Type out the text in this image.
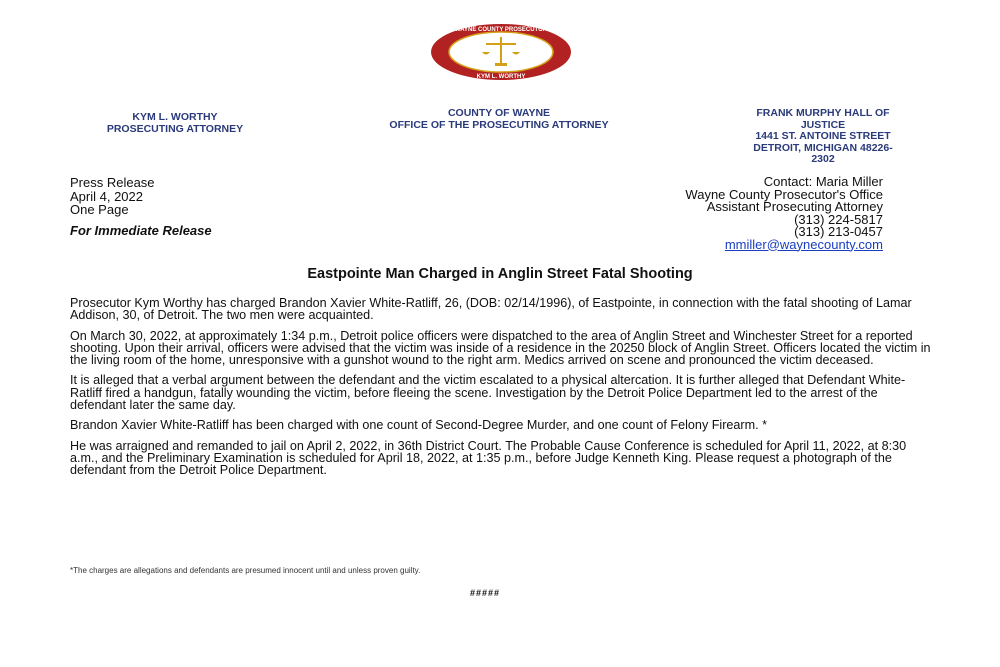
WAYNE COUNTY PROSECUTOR
KYM L. WORTHY
KYM L. WORTHY
PROSECUTING ATTORNEY
COUNTY OF WAYNE
OFFICE OF THE PROSECUTING ATTORNEY
FRANK MURPHY HALL OF
JUSTICE
1441 ST. ANTOINE STREET
DETROIT, MICHIGAN 48226-
2302
Press Release
April 4, 2022
One Page
For Immediate Release
Contact: Maria Miller
Wayne County Prosecutor's Office
Assistant Prosecuting Attorney
(313) 224-5817
(313) 213-0457
mmiller@waynecounty.com
Eastpointe Man Charged in Anglin Street Fatal Shooting

Prosecutor Kym Worthy has charged Brandon Xavier White-Ratliff, 26, (DOB: 02/14/1996), of Eastpointe, in connection with the fatal shooting of Lamar Addison, 30, of Detroit. The two men were acquainted.

On March 30, 2022, at approximately 1:34 p.m., Detroit police officers were dispatched to the area of Anglin Street and Winchester Street for a reported shooting. Upon their arrival, officers were advised that the victim was inside of a residence in the 20250 block of Anglin Street. Officers located the victim in the living room of the home, unresponsive with a gunshot wound to the right arm. Medics arrived on scene and pronounced the victim deceased.

It is alleged that a verbal argument between the defendant and the victim escalated to a physical altercation. It is further alleged that Defendant White-Ratliff fired a handgun, fatally wounding the victim, before fleeing the scene. Investigation by the Detroit Police Department led to the arrest of the defendant later the same day.

Brandon Xavier White-Ratliff has been charged with one count of Second-Degree Murder, and one count of Felony Firearm. *

He was arraigned and remanded to jail on April 2, 2022, in 36th District Court. The Probable Cause Conference is scheduled for April 11, 2022, at 8:30 a.m., and the Preliminary Examination is scheduled for April 18, 2022, at 1:35 p.m., before Judge Kenneth King. Please request a photograph of the defendant from the Detroit Police Department.

*The charges are allegations and defendants are presumed innocent until and unless proven guilty.
#####
